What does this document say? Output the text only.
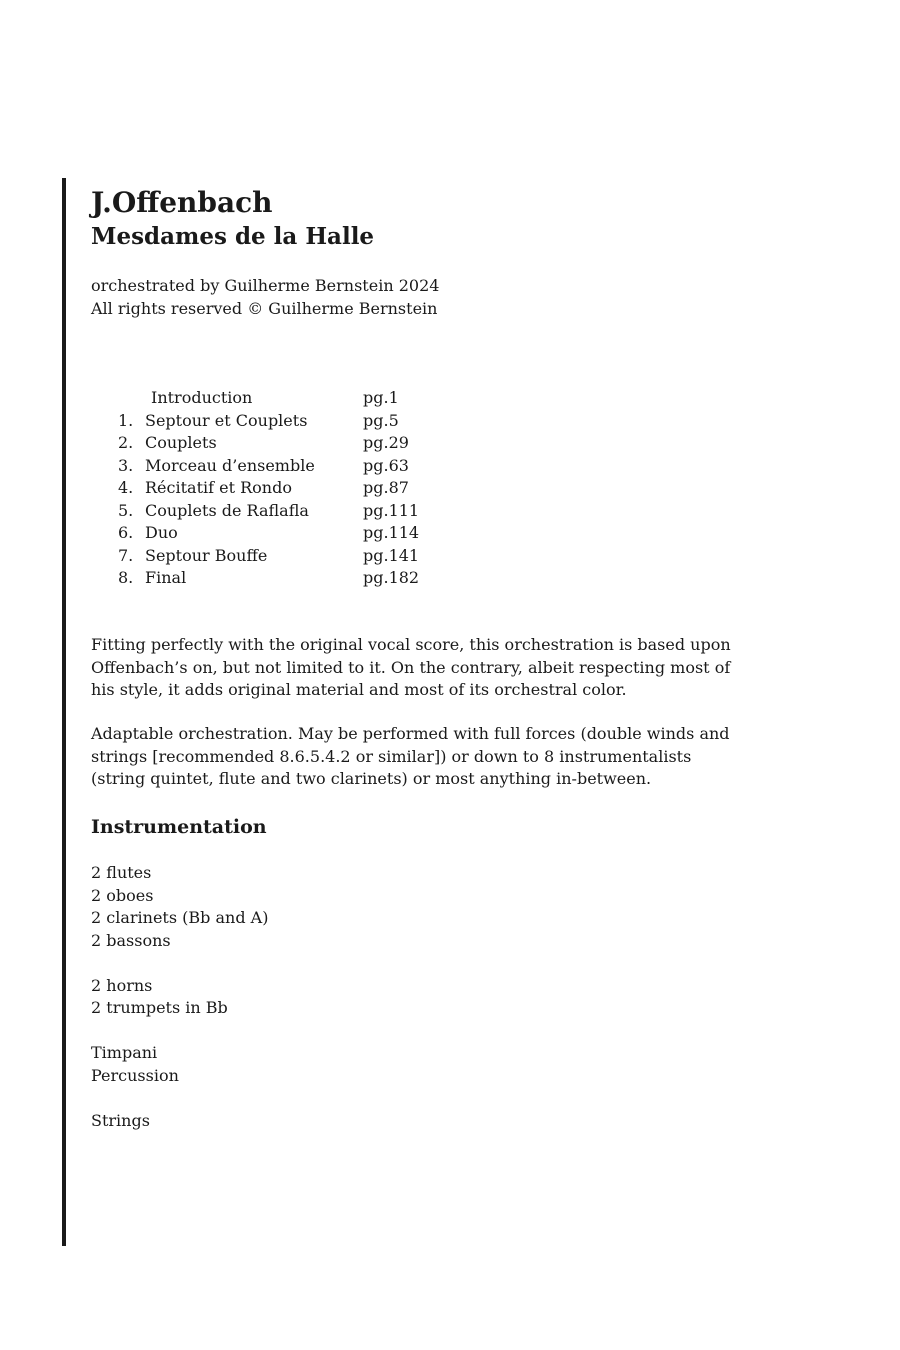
J.Offenbach
Mesdames de la Halle
orchestrated by Guilherme Bernstein 2024
All rights reserved © Guilherme Bernstein
Introduction	pg.1
1. Septour et Couplets	pg.5
2. Couplets	pg.29
3. Morceau d’ensemble	pg.63
4. Récitatif et Rondo	pg.87
5. Couplets de Raflafla	pg.111
6. Duo	pg.114
7. Septour Bouffe	pg.141
8. Final	pg.182

Fitting perfectly with the original vocal score, this orchestration is based upon Offenbach’s on, but not limited to it. On the contrary, albeit respecting most of his style, it adds original material and most of its orchestral color.

Adaptable orchestration. May be performed with full forces (double winds and strings [recommended 8.6.5.4.2 or similar]) or down to 8 instrumentalists (string quintet, flute and two clarinets) or most anything in-between.

Instrumentation
2 flutes
2 oboes
2 clarinets (Bb and A)
2 bassons
2 horns
2 trumpets in Bb
Timpani
Percussion
Strings
